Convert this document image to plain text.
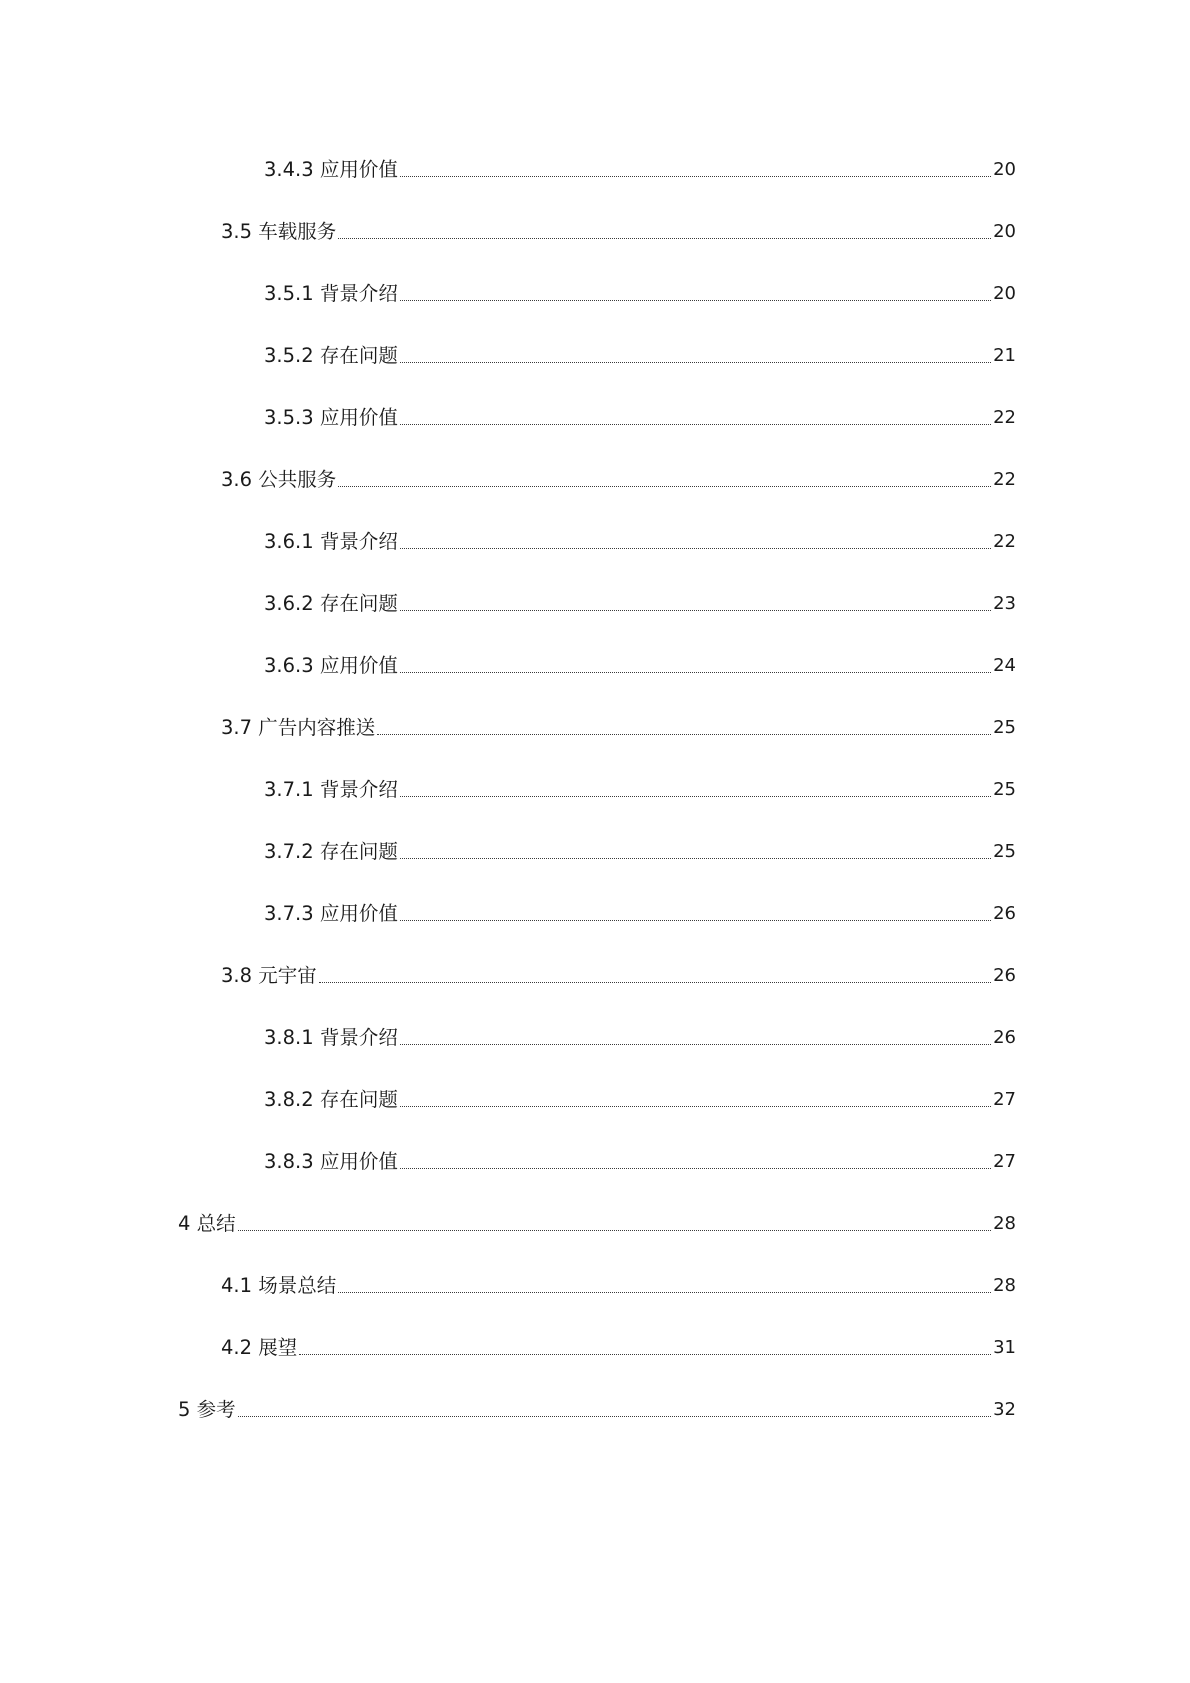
3.4.3 应用价值	20
3.5 车载服务	20
3.5.1 背景介绍	20
3.5.2 存在问题	21
3.5.3 应用价值	22
3.6 公共服务	22
3.6.1 背景介绍	22
3.6.2 存在问题	23
3.6.3 应用价值	24
3.7 广告内容推送	25
3.7.1 背景介绍	25
3.7.2 存在问题	25
3.7.3 应用价值	26
3.8 元宇宙	26
3.8.1 背景介绍	26
3.8.2 存在问题	27
3.8.3 应用价值	27
4 总结	28
4.1 场景总结	28
4.2 展望	31
5 参考	32
